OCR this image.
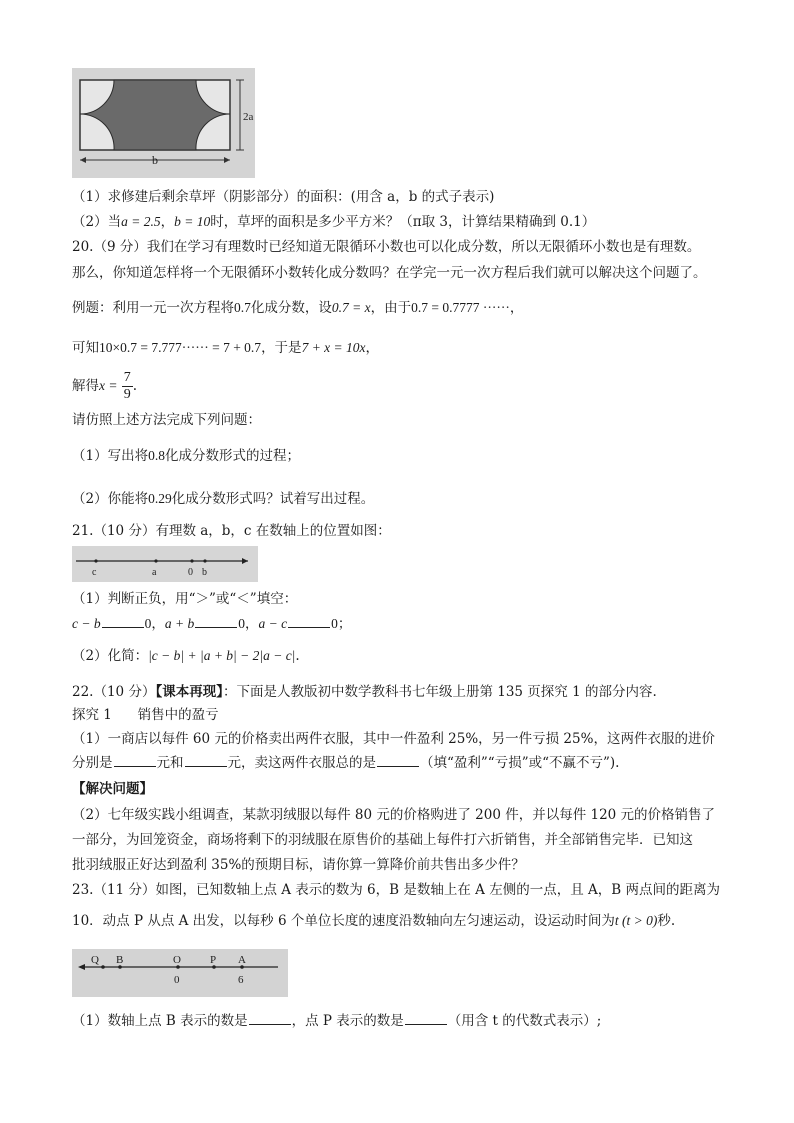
2a
b
（1）求修建后剩余草坪（阴影部分）的面积：(用含 a，b 的式子表示)
（2）当a = 2.5，b = 10时，草坪的面积是多少平方米？（π取 3，计算结果精确到 0.1）
20.（9 分）我们在学习有理数时已经知道无限循环小数也可以化成分数，所以无限循环小数也是有理数。
那么，你知道怎样将一个无限循环小数转化成分数吗？在学完一元一次方程后我们就可以解决这个问题了。
例题：利用一元一次方程将0.7化成分数，设0.7 = x，由于0.7 = 0.7777 ······，
可知10×0.7 = 7.777······ = 7 + 0.7，于是7 + x = 10x，
解得$x = \frac{7}{9}$ .
请仿照上述方法完成下列问题：
（1）写出将0.8化成分数形式的过程；
（2）你能将0.29化成分数形式吗？试着写出过程。
21.（10 分）有理数 a，b，c 在数轴上的位置如图：
c	a	0 b
（1）判断正负，用“＞”或“＜”填空：
c − b	0，a + b	0，a − c	0；
（2）化简：|c − b| + |a + b| − 2|a − c|.
22.（10 分）【课本再现】：下面是人教版初中数学教科书七年级上册第 135 页探究 1 的部分内容.
探究 1      销售中的盈亏
（1）一商店以每件 60 元的价格卖出两件衣服，其中一件盈利 25%，另一件亏损 25%，这两件衣服的进价
分别是	元和	元，卖这两件衣服总的是	（填“盈利”“亏损”或“不赢不亏”).
【解决问题】
（2）七年级实践小组调查，某款羽绒服以每件 80 元的价格购进了 200 件，并以每件 120 元的价格销售了
一部分，为回笼资金，商场将剩下的羽绒服在原售价的基础上每件打六折销售，并全部销售完毕．已知这
批羽绒服正好达到盈利 35%的预期目标，请你算一算降价前共售出多少件？
23.（11 分）如图，已知数轴上点 A 表示的数为 6，B 是数轴上在 A 左侧的一点，且 A，B 两点间的距离为
10．动点 P 从点 A 出发，以每秒 6 个单位长度的速度沿数轴向左匀速运动，设运动时间为t (t > 0)秒.
Q B	O	P A
0	6
（1）数轴上点 B 表示的数是	，点 P 表示的数是	（用含 t 的代数式表示）;
